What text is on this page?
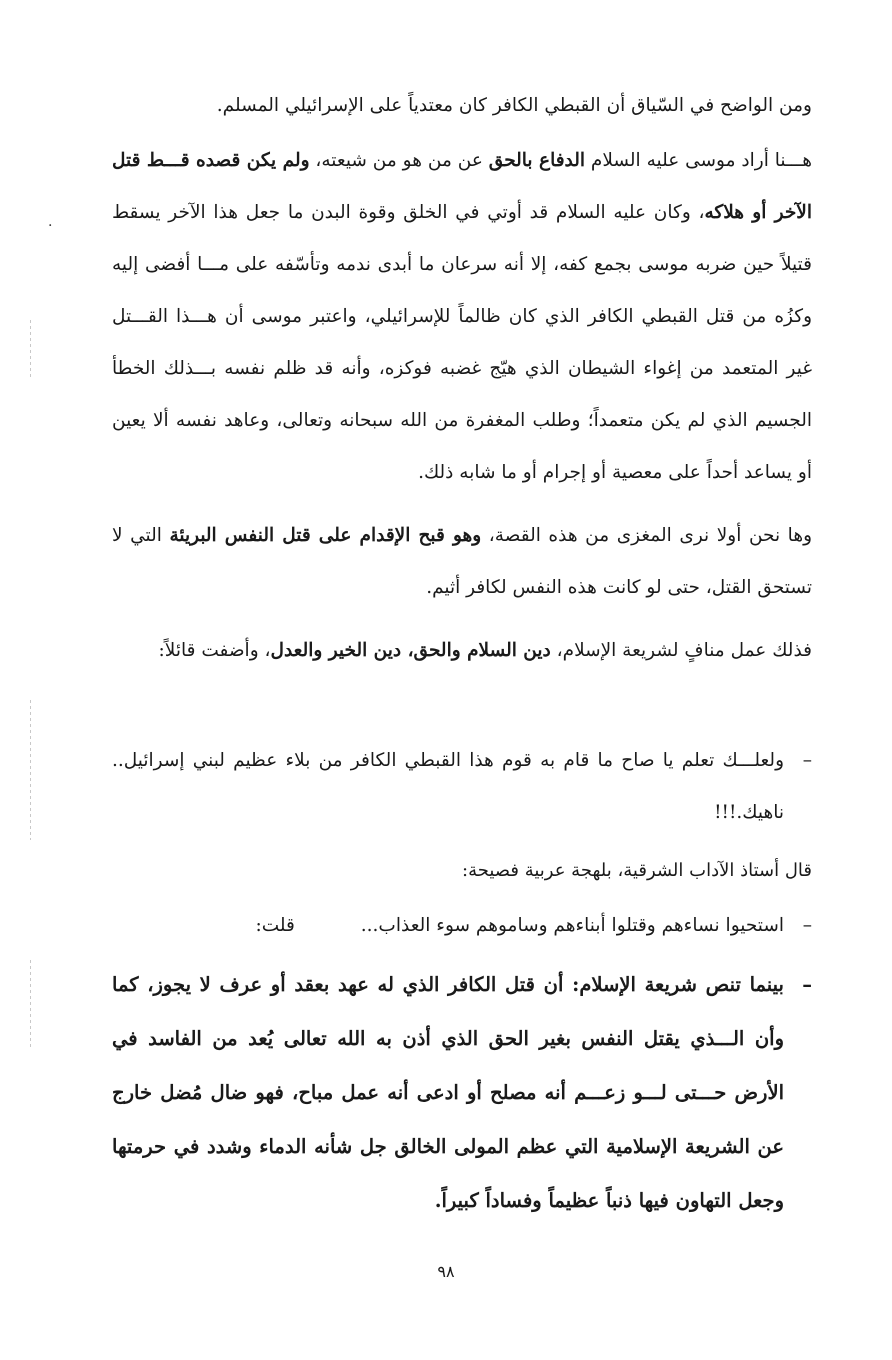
.
ومن الواضح في السّياق أن القبطي الكافر كان معتدياً على الإسرائيلي المسلم.
هـــنا أراد موسى عليه السلام الدفاع بالحق عن من هو من شيعته، ولم يكن قصده قـــط قتل الآخر أو هلاكه، وكان عليه السلام قد أوتي في الخلق وقوة البدن ما جعل هذا الآخر يسقط قتيلاً حين ضربه موسى بجمع كفه، إلا أنه سرعان ما أبدى ندمه وتأسّفه على مـــا أفضى إليه وكزُه من قتل القبطي الكافر الذي كان ظالماً للإسرائيلي، واعتبر موسى أن هـــذا القـــتل غير المتعمد من إغواء الشيطان الذي هيّج غضبه فوكزه، وأنه قد ظلم نفسه بـــذلك الخطأ الجسيم الذي لم يكن متعمداً؛ وطلب المغفرة من الله سبحانه وتعالى، وعاهد نفسه ألا يعين أو يساعد أحداً على معصية أو إجرام أو ما شابه ذلك.
وها نحن أولا نرى المغزى من هذه القصة، وهو قبح الإقدام على قتل النفس البريئة التي لا تستحق القتل، حتى لو كانت هذه النفس لكافر أثيم.
فذلك عمل منافٍ لشريعة الإسلام، دين السلام والحق، دين الخير والعدل، وأضفت قائلاً:
–
ولعلـــك تعلم يا صاح ما قام به قوم هذا القبطي الكافر من بلاء عظيم لبني إسرائيل.. ناهيك.!!!
قال أستاذ الآداب الشرقية، بلهجة عربية فصيحة:
–
استحيوا نساءهم وقتلوا أبناءهم وساموهم سوء العذاب... قلت:
–
بينما تنص شريعة الإسلام: أن قتل الكافر الذي له عهد بعقد أو عرف لا يجوز، كما وأن الـــذي يقتل النفس بغير الحق الذي أذن به الله تعالى يُعد من الفاسد في الأرض حـــتى لـــو زعـــم أنه مصلح أو ادعى أنه عمل مباح، فهو ضال مُضل خارج عن الشريعة الإسلامية التي عظم المولى الخالق جل شأنه الدماء وشدد في حرمتها وجعل التهاون فيها ذنباً عظيماً وفساداً كبيراً.
٩٨
